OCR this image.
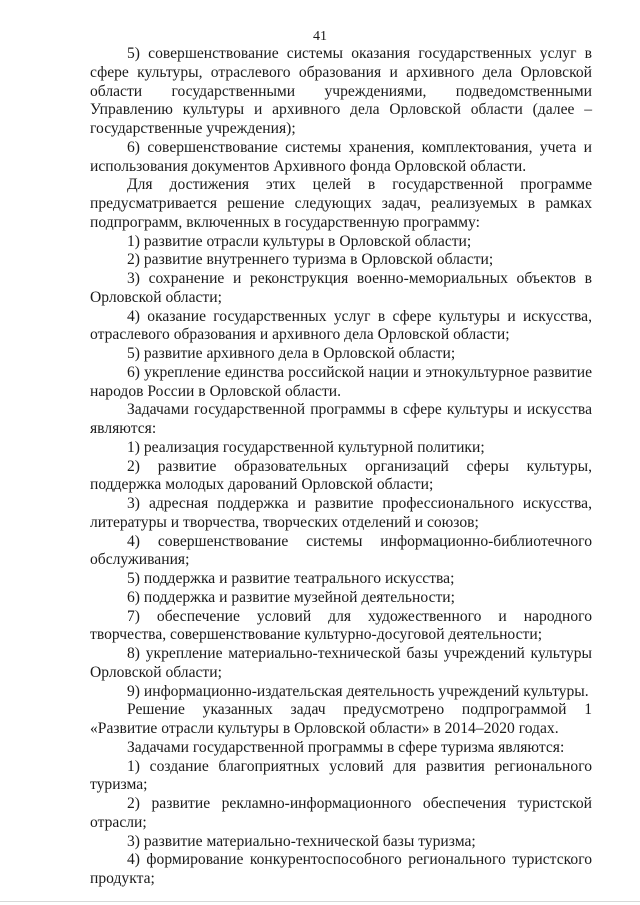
41

5) совершенствование системы оказания государственных услуг в сфере культуры, отраслевого образования и архивного дела Орловской области государственными учреждениями, подведомственными Управлению культуры и архивного дела Орловской области (далее – государственные учреждения);

6) совершенствование системы хранения, комплектования, учета и использования документов Архивного фонда Орловской области.

Для достижения этих целей в государственной программе предусматривается решение следующих задач, реализуемых в рамках подпрограмм, включенных в государственную программу:

1) развитие отрасли культуры в Орловской области;

2) развитие внутреннего туризма в Орловской области;

3) сохранение и реконструкция военно-мемориальных объектов в Орловской области;

4) оказание государственных услуг в сфере культуры и искусства, отраслевого образования и архивного дела Орловской области;

5) развитие архивного дела в Орловской области;

6) укрепление единства российской нации и этнокультурное развитие народов России в Орловской области.

Задачами государственной программы в сфере культуры и искусства являются:

1) реализация государственной культурной политики;

2) развитие образовательных организаций сферы культуры, поддержка молодых дарований Орловской области;

3) адресная поддержка и развитие профессионального искусства, литературы и творчества, творческих отделений и союзов;

4) совершенствование системы информационно-библиотечного обслуживания;

5) поддержка и развитие театрального искусства;

6) поддержка и развитие музейной деятельности;

7) обеспечение условий для художественного и народного творчества, совершенствование культурно-досуговой деятельности;

8) укрепление материально-технической базы учреждений культуры Орловской области;

9) информационно-издательская деятельность учреждений культуры.

Решение указанных задач предусмотрено подпрограммой 1 «Развитие отрасли культуры в Орловской области» в 2014–2020 годах.

Задачами государственной программы в сфере туризма являются:

1) создание благоприятных условий для развития регионального туризма;

2) развитие рекламно-информационного обеспечения туристской отрасли;

3) развитие материально-технической базы туризма;

4) формирование конкурентоспособного регионального туристского продукта;
